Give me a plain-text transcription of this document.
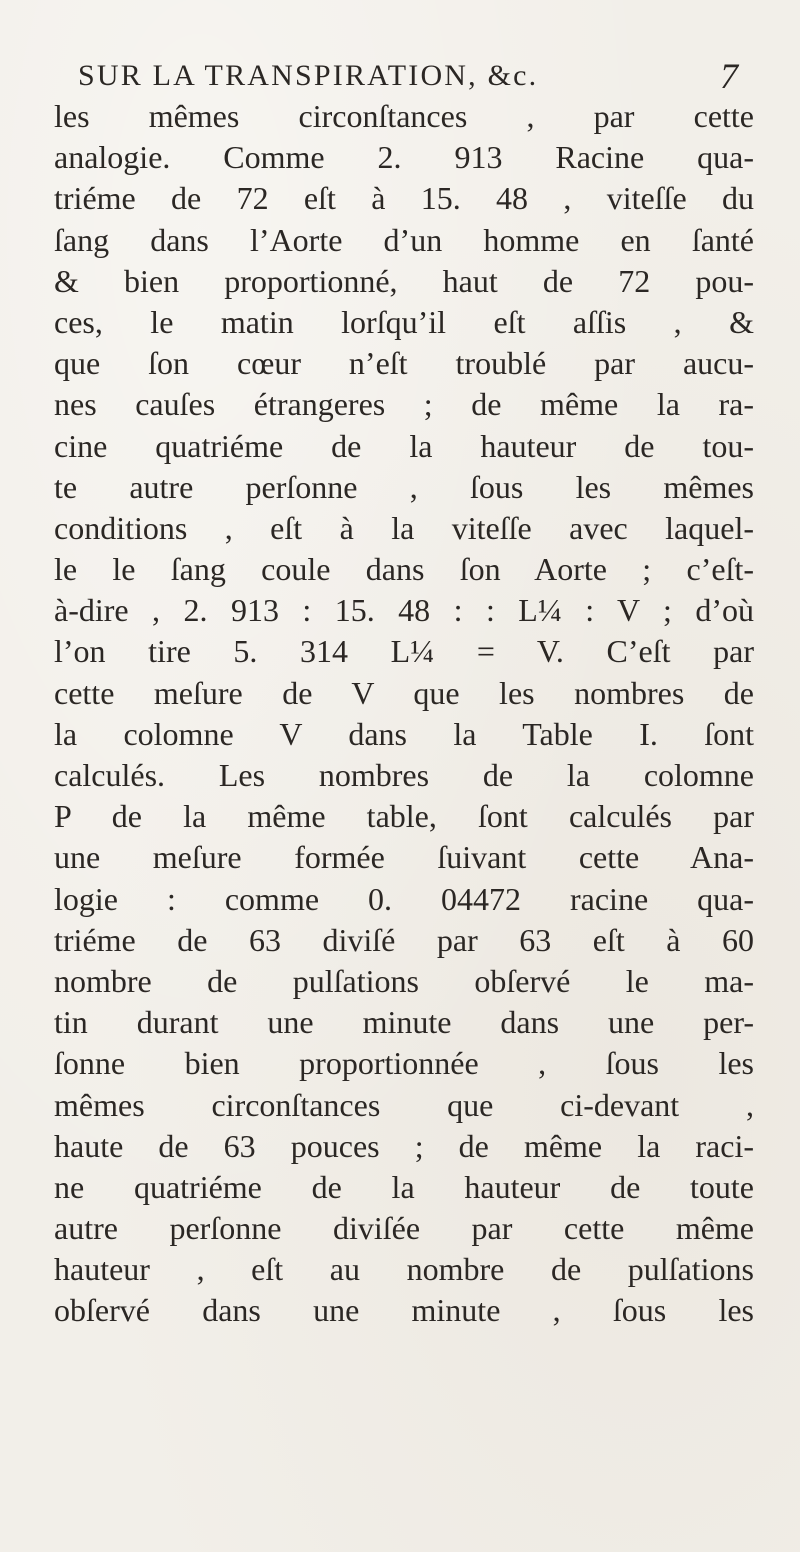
SUR LA TRANSPIRATION, &c.	7
les mêmes circonſtances , par cette
analogie. Comme 2. 913 Racine qua-
triéme de 72 eſt à 15. 48 , viteſſe du
ſang dans l’Aorte d’un homme en ſanté
& bien proportionné, haut de 72 pou-
ces, le matin lorſqu’il eſt aſſis , &
que ſon cœur n’eſt troublé par aucu-
nes cauſes étrangeres ; de même la ra-
cine quatriéme de la hauteur de tou-
te autre perſonne , ſous les mêmes
conditions , eſt à la viteſſe avec laquel-
le le ſang coule dans ſon Aorte ; c’eſt-
à-dire , 2. 913 : 15. 48 : : L¼ : V ; d’où
l’on tire 5. 314 L¼ = V. C’eſt par
cette meſure de V que les nombres de
la colomne V dans la Table I. ſont
calculés. Les nombres de la colomne
P de la même table, ſont calculés par
une meſure formée ſuivant cette Ana-
logie : comme 0. 04472 racine qua-
triéme de 63 diviſé par 63 eſt à 60
nombre de pulſations obſervé le ma-
tin durant une minute dans une per-
ſonne bien proportionnée , ſous les
mêmes circonſtances que ci-devant ,
haute de 63 pouces ; de même la raci-
ne quatriéme de la hauteur de toute
autre perſonne diviſée par cette même
hauteur , eſt au nombre de pulſations
obſervé dans une minute , ſous les
